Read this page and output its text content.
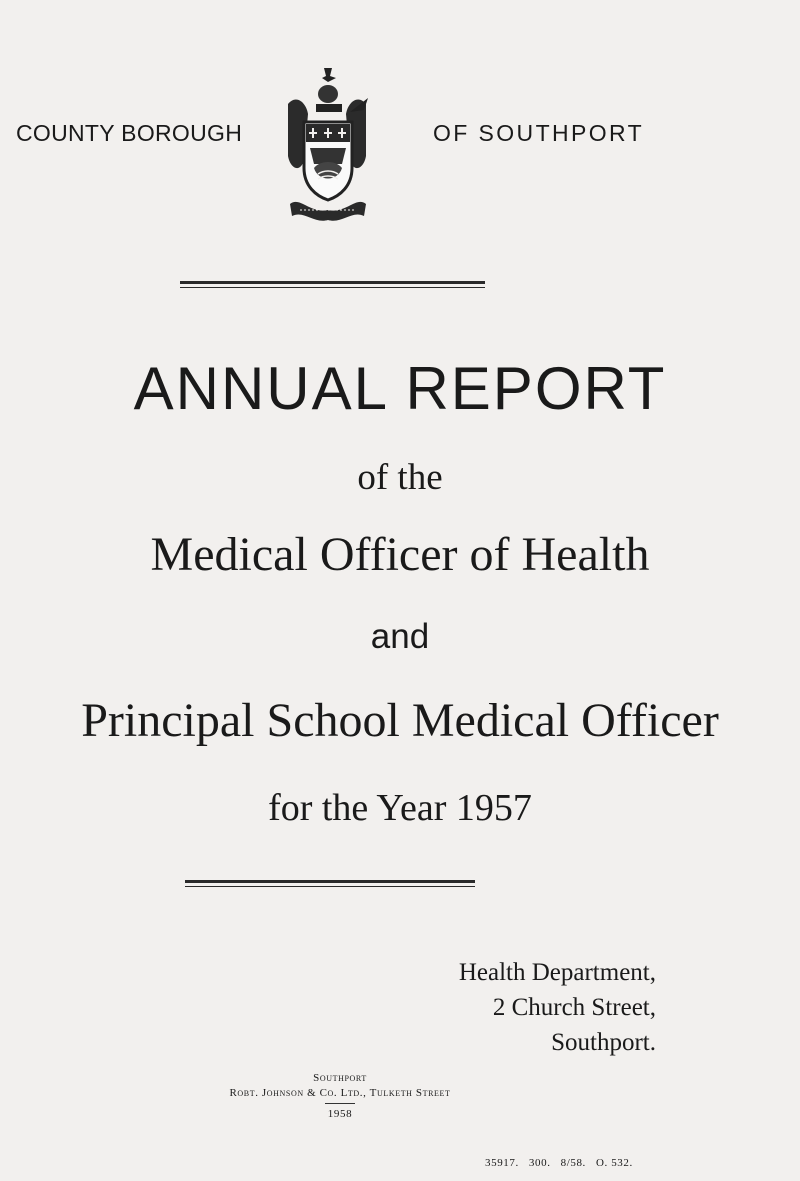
COUNTY BOROUGH	OF SOUTHPORT
ANNUAL REPORT
of the
Medical Officer of Health
and
Principal School Medical Officer
for the Year 1957
Health Department,
2 Church Street,
Southport.
Southport
Robt. Johnson & Co. Ltd., Tulketh Street
1958
35917.   300.   8/58.   O. 532.
